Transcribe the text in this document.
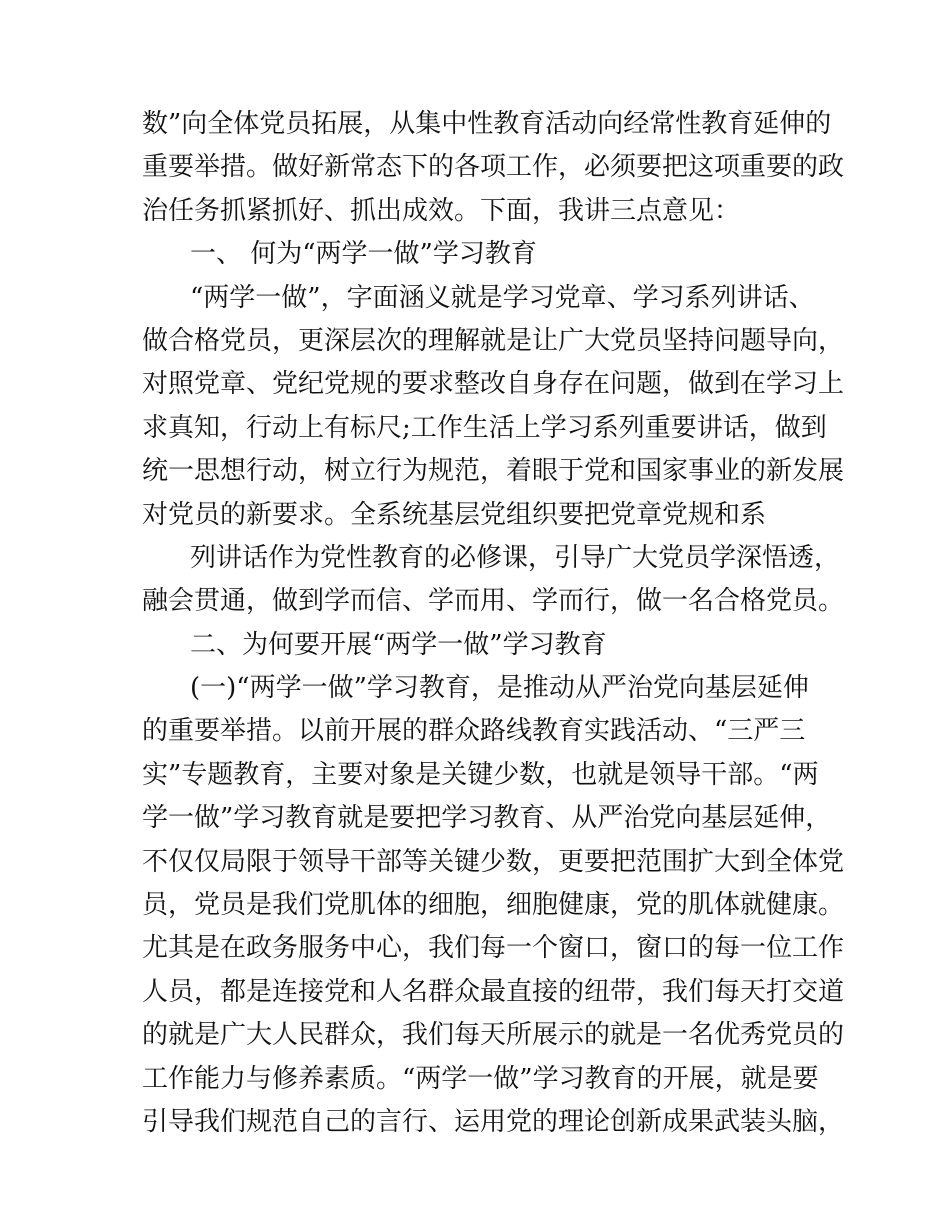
数”向全体党员拓展，从集中性教育活动向经常性教育延伸的
重要举措。做好新常态下的各项工作，必须要把这项重要的政
治任务抓紧抓好、抓出成效。下面，我讲三点意见：
一、 何为“两学一做”学习教育
“两学一做”，字面涵义就是学习党章、学习系列讲话、
做合格党员，更深层次的理解就是让广大党员坚持问题导向，
对照党章、党纪党规的要求整改自身存在问题，做到在学习上
求真知，行动上有标尺;工作生活上学习系列重要讲话，做到
统一思想行动，树立行为规范，着眼于党和国家事业的新发展
对党员的新要求。全系统基层党组织要把党章党规和系
列讲话作为党性教育的必修课，引导广大党员学深悟透，
融会贯通，做到学而信、学而用、学而行，做一名合格党员。
二、为何要开展“两学一做”学习教育
(一)“两学一做”学习教育，是推动从严治党向基层延伸
的重要举措。以前开展的群众路线教育实践活动、“三严三
实”专题教育，主要对象是关键少数，也就是领导干部。“两
学一做”学习教育就是要把学习教育、从严治党向基层延伸，
不仅仅局限于领导干部等关键少数，更要把范围扩大到全体党
员，党员是我们党肌体的细胞，细胞健康，党的肌体就健康。
尤其是在政务服务中心，我们每一个窗口，窗口的每一位工作
人员，都是连接党和人名群众最直接的纽带，我们每天打交道
的就是广大人民群众，我们每天所展示的就是一名优秀党员的
工作能力与修养素质。“两学一做”学习教育的开展，就是要
引导我们规范自己的言行、运用党的理论创新成果武装头脑，
